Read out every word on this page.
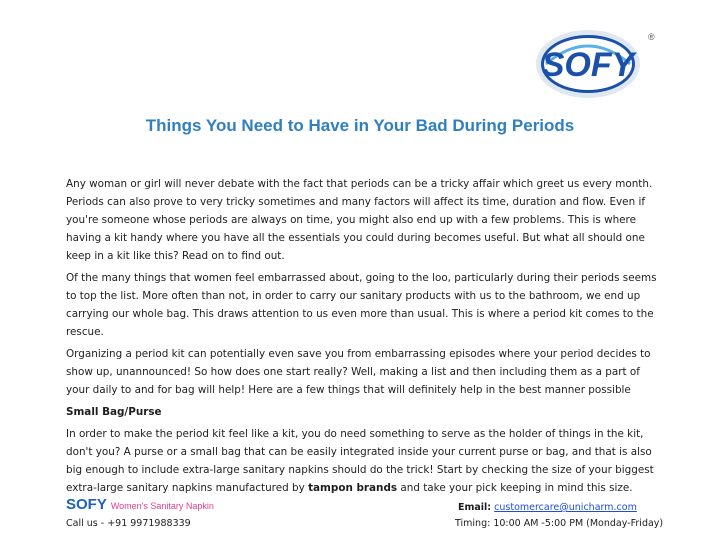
SOFY
®
Things You Need to Have in Your Bad During Periods

Any woman or girl will never debate with the fact that periods can be a tricky affair which greet us every month. Periods can also prove to very tricky sometimes and many factors will affect its time, duration and flow. Even if you're someone whose periods are always on time, you might also end up with a few problems. This is where having a kit handy where you have all the essentials you could during becomes useful. But what all should one keep in a kit like this? Read on to find out.

Of the many things that women feel embarrassed about, going to the loo, particularly during their periods seems to top the list. More often than not, in order to carry our sanitary products with us to the bathroom, we end up carrying our whole bag. This draws attention to us even more than usual. This is where a period kit comes to the rescue.

Organizing a period kit can potentially even save you from embarrassing episodes where your period decides to show up, unannounced! So how does one start really? Well, making a list and then including them as a part of your daily to and for bag will help! Here are a few things that will definitely help in the best manner possible

Small Bag/Purse

In order to make the period kit feel like a kit, you do need something to serve as the holder of things in the kit, don't you? A purse or a small bag that can be easily integrated inside your current purse or bag, and that is also big enough to include extra-large sanitary napkins should do the trick! Start by checking the size of your biggest extra-large sanitary napkins manufactured by tampon brands and take your pick keeping in mind this size.

SOFY Women's Sanitary Napkin
Call us - +91 9971988339
Email: customercare@unicharm.com
Timing: 10:00 AM -5:00 PM (Monday-Friday)
